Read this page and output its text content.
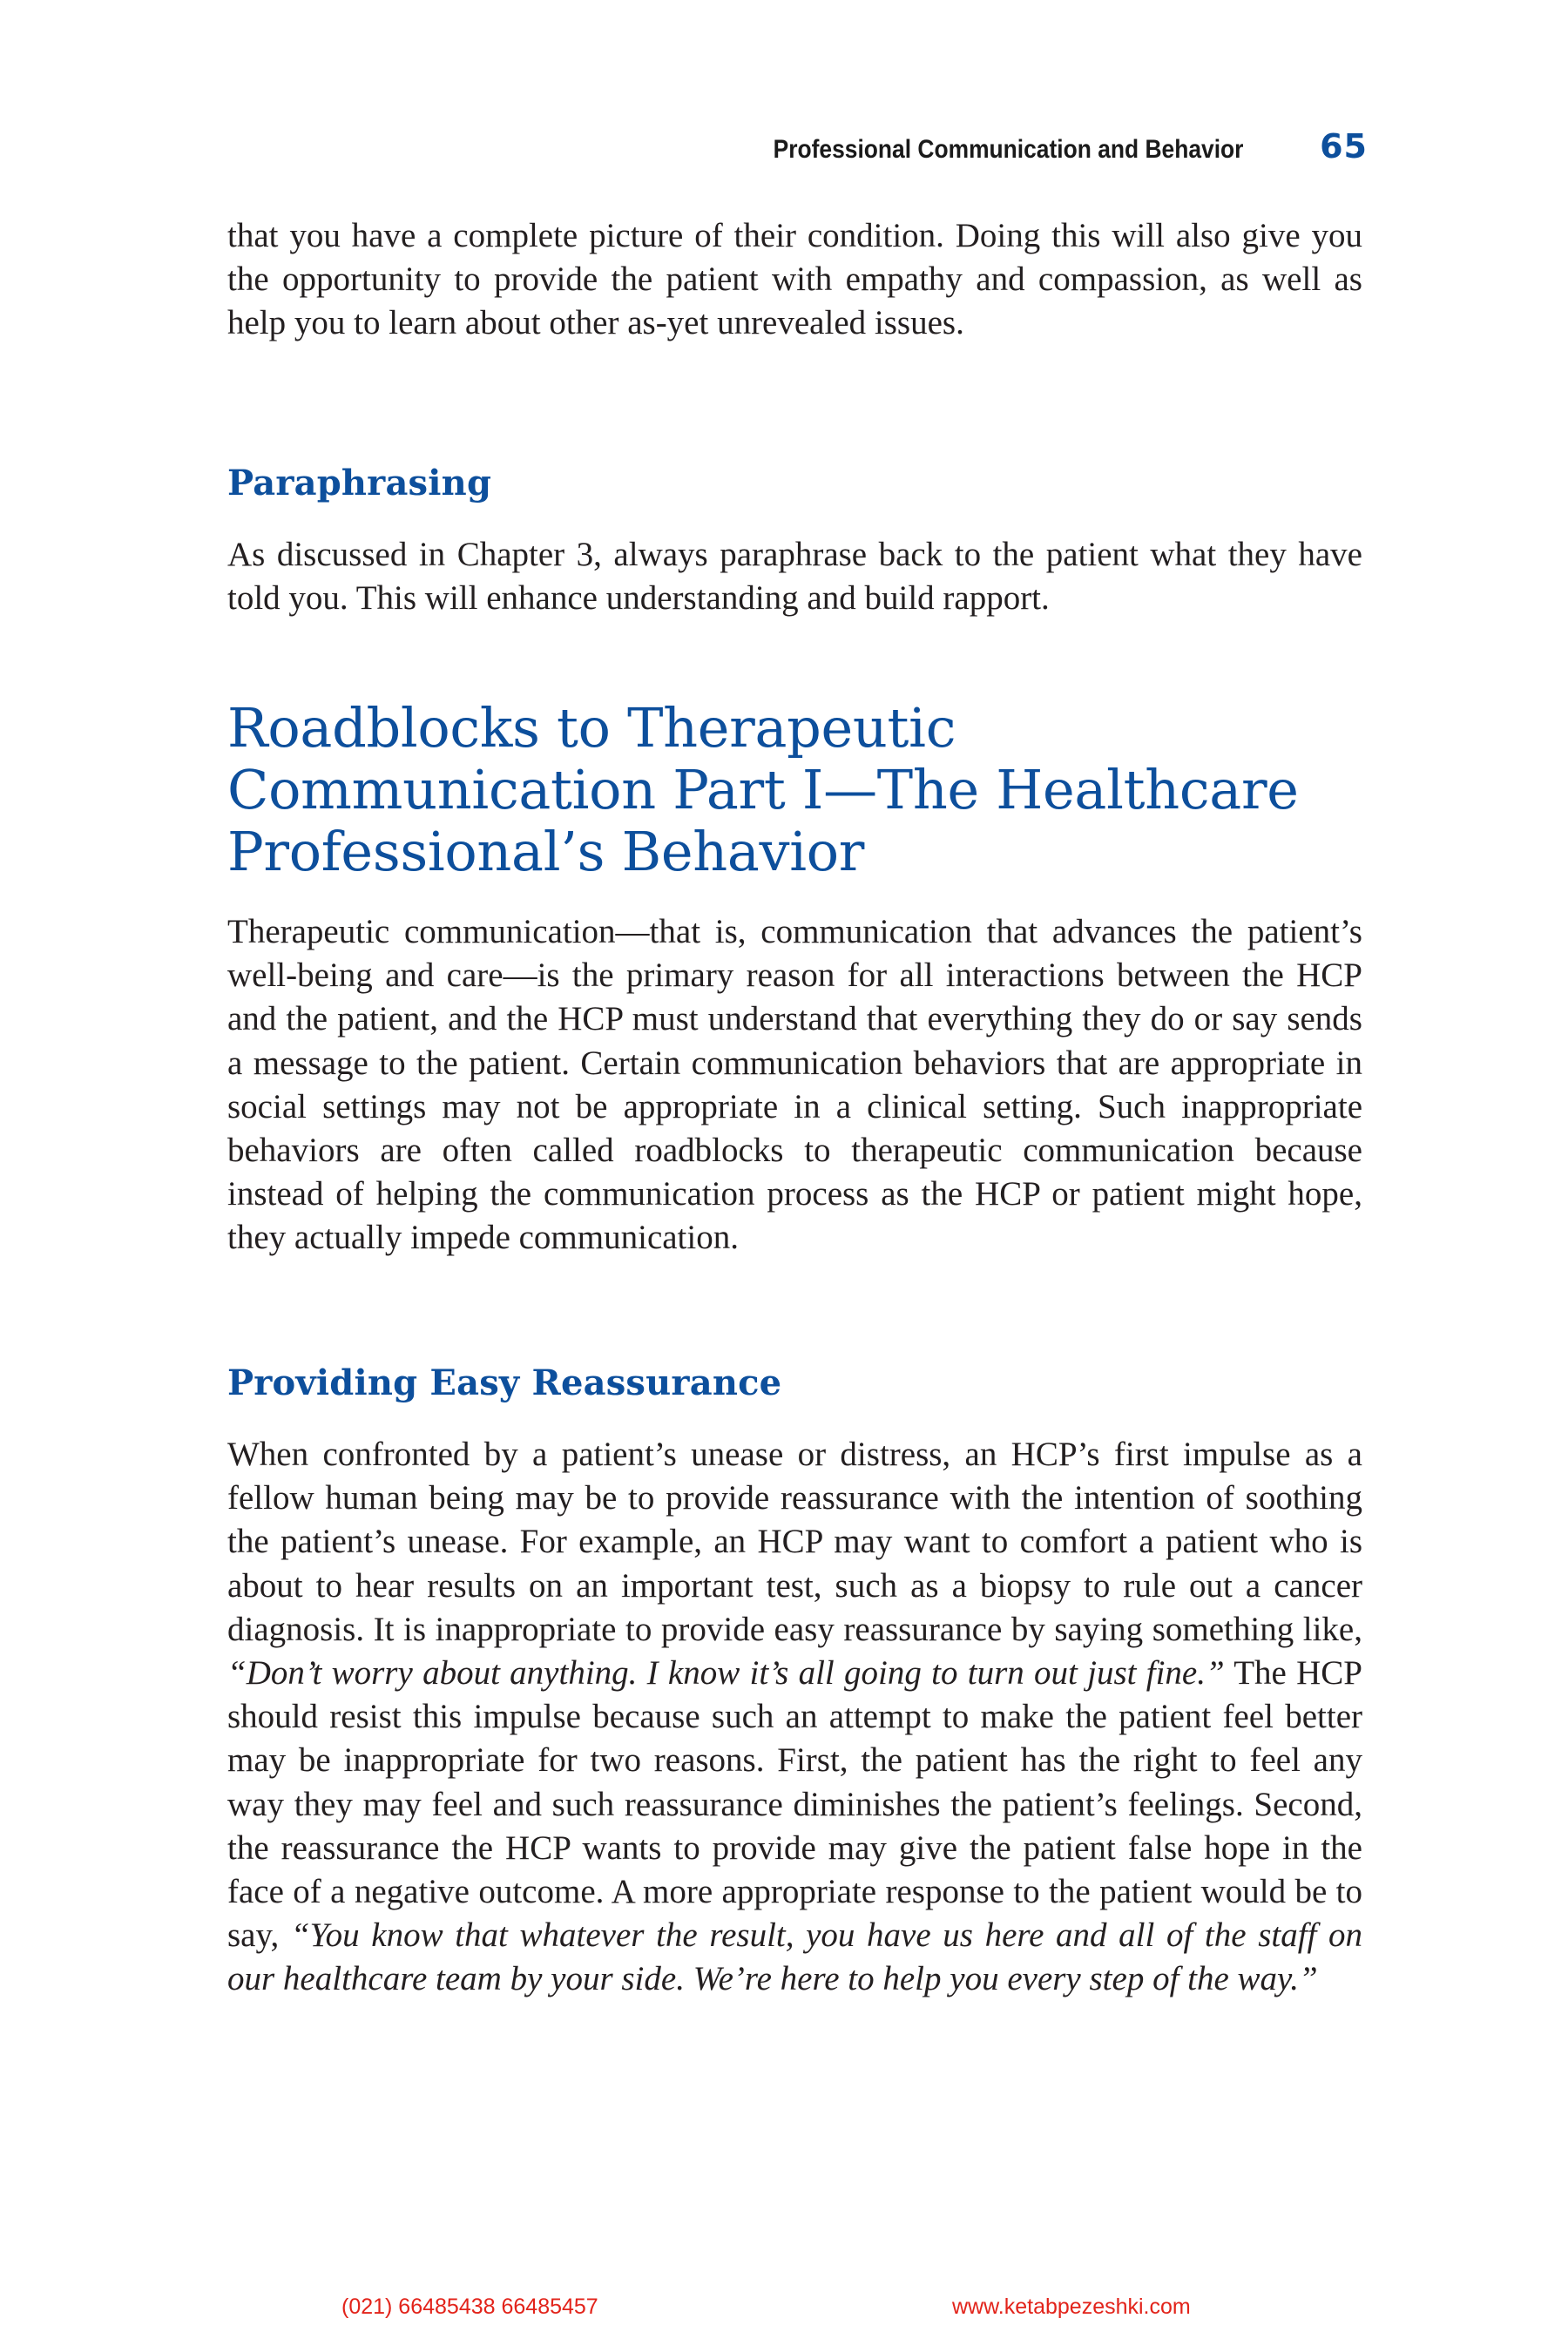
Professional Communication and Behavior 65

that you have a complete picture of their condition. Doing this will also give you the opportunity to provide the patient with empathy and compassion, as well as help you to learn about other as-yet unrevealed issues.

Paraphrasing

As discussed in Chapter 3, always paraphrase back to the patient what they have told you. This will enhance understanding and build rapport.

Roadblocks to Therapeutic
Communication Part I—The Healthcare
Professional’s Behavior

Therapeutic communication—that is, communication that advances the patient’s well-being and care—is the primary reason for all interactions between the HCP and the patient, and the HCP must understand that everything they do or say sends a message to the patient. Certain communication behaviors that are appropriate in social settings may not be appropriate in a clinical setting. Such inappropriate behaviors are often called roadblocks to therapeutic communication because instead of helping the communication process as the HCP or patient might hope, they actually impede communication.

Providing Easy Reassurance

When confronted by a patient’s unease or distress, an HCP’s first impulse as a fellow human being may be to provide reassurance with the intention of soothing the patient’s unease. For example, an HCP may want to comfort a patient who is about to hear results on an important test, such as a biopsy to rule out a cancer diagnosis. It is inappropriate to provide easy reassurance by saying something like, “Don’t worry about anything. I know it’s all going to turn out just fine.” The HCP should resist this impulse because such an attempt to make the patient feel better may be inappropriate for two reasons. First, the patient has the right to feel any way they may feel and such reassurance diminishes the patient’s feelings. Second, the reassurance the HCP wants to provide may give the patient false hope in the face of a negative outcome. A more appropriate response to the patient would be to say, “You know that whatever the result, you have us here and all of the staff on our healthcare team by your side. We’re here to help you every step of the way.”

(021) 66485438 66485457	www.ketabpezeshki.com
